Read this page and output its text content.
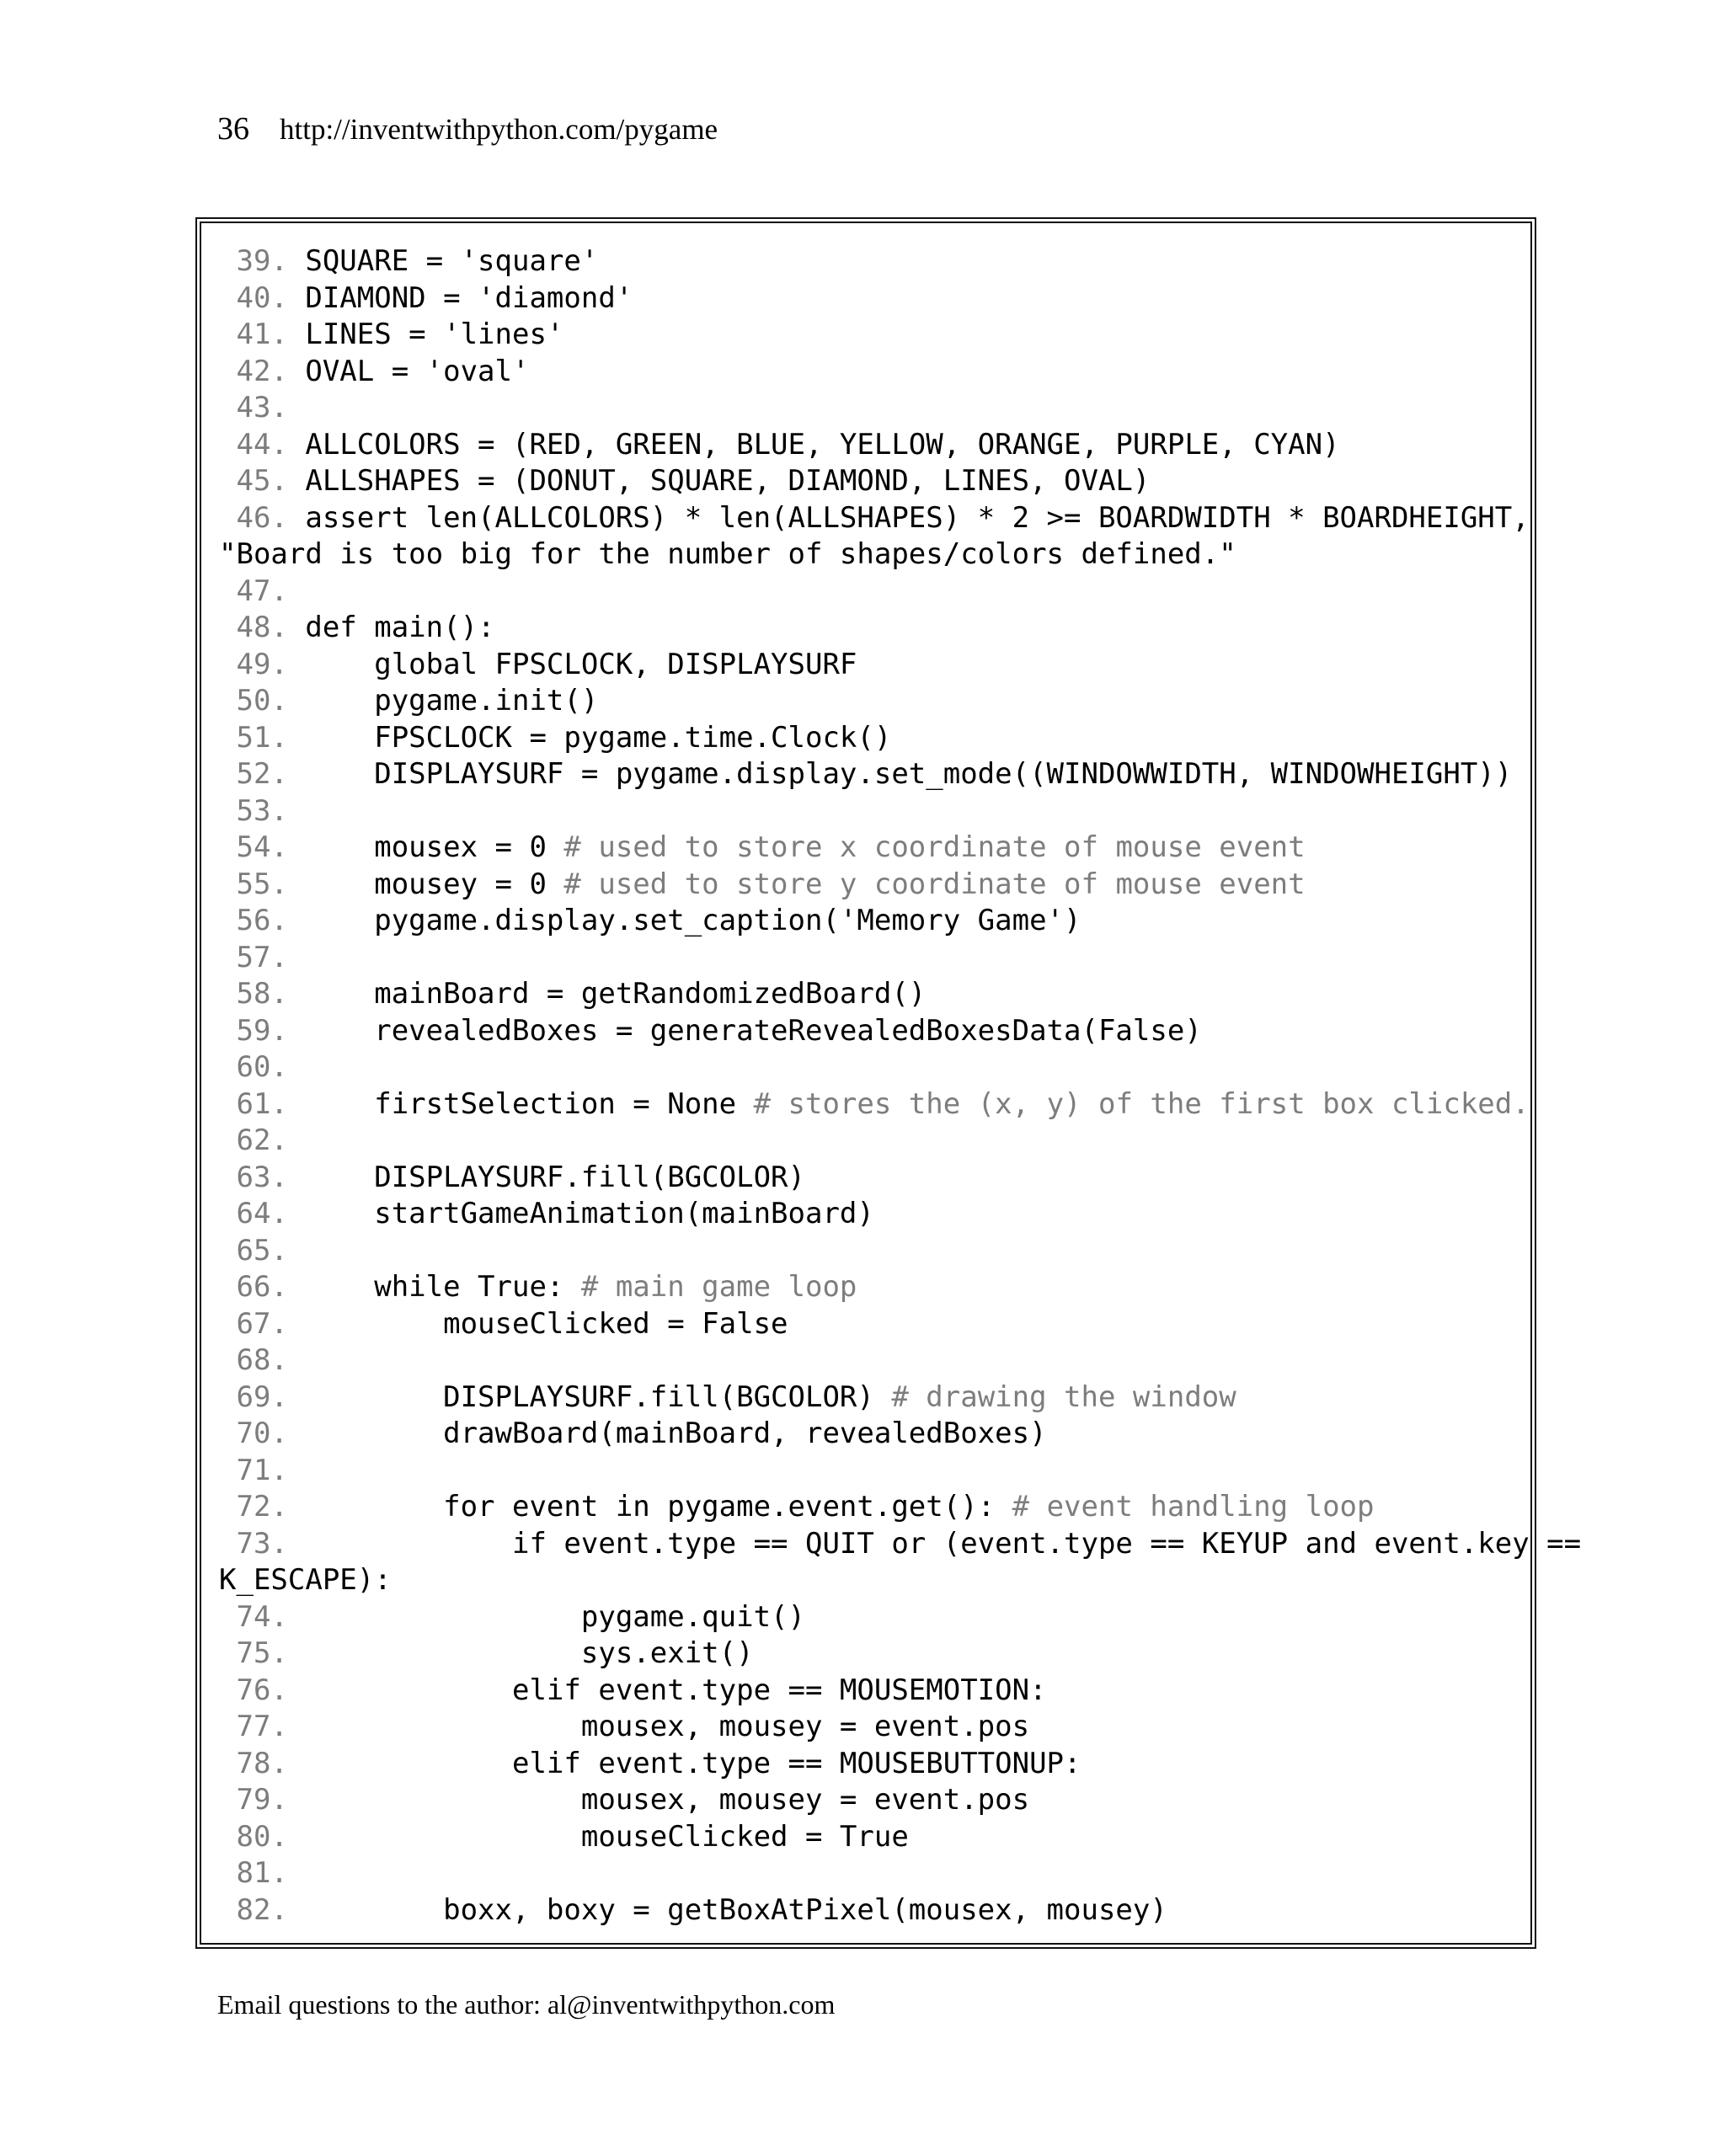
36 http://inventwithpython.com/pygame
39. SQUARE = 'square'
40. DIAMOND = 'diamond'
41. LINES = 'lines'
42. OVAL = 'oval'
43.
44. ALLCOLORS = (RED, GREEN, BLUE, YELLOW, ORANGE, PURPLE, CYAN)
45. ALLSHAPES = (DONUT, SQUARE, DIAMOND, LINES, OVAL)
46. assert len(ALLCOLORS) * len(ALLSHAPES) * 2 >= BOARDWIDTH * BOARDHEIGHT,
"Board is too big for the number of shapes/colors defined."
47.
48. def main():
49.     global FPSCLOCK, DISPLAYSURF
50.     pygame.init()
51.     FPSCLOCK = pygame.time.Clock()
52.     DISPLAYSURF = pygame.display.set_mode((WINDOWWIDTH, WINDOWHEIGHT))
53.
54.     mousex = 0 # used to store x coordinate of mouse event
55.     mousey = 0 # used to store y coordinate of mouse event
56.     pygame.display.set_caption('Memory Game')
57.
58.     mainBoard = getRandomizedBoard()
59.     revealedBoxes = generateRevealedBoxesData(False)
60.
61.     firstSelection = None # stores the (x, y) of the first box clicked.
62.
63.     DISPLAYSURF.fill(BGCOLOR)
64.     startGameAnimation(mainBoard)
65.
66.     while True: # main game loop
67.         mouseClicked = False
68.
69.         DISPLAYSURF.fill(BGCOLOR) # drawing the window
70.         drawBoard(mainBoard, revealedBoxes)
71.
72.         for event in pygame.event.get(): # event handling loop
73.             if event.type == QUIT or (event.type == KEYUP and event.key ==
K_ESCAPE):
74.                 pygame.quit()
75.                 sys.exit()
76.             elif event.type == MOUSEMOTION:
77.                 mousex, mousey = event.pos
78.             elif event.type == MOUSEBUTTONUP:
79.                 mousex, mousey = event.pos
80.                 mouseClicked = True
81.
82.         boxx, boxy = getBoxAtPixel(mousex, mousey)
Email questions to the author: al@inventwithpython.com
